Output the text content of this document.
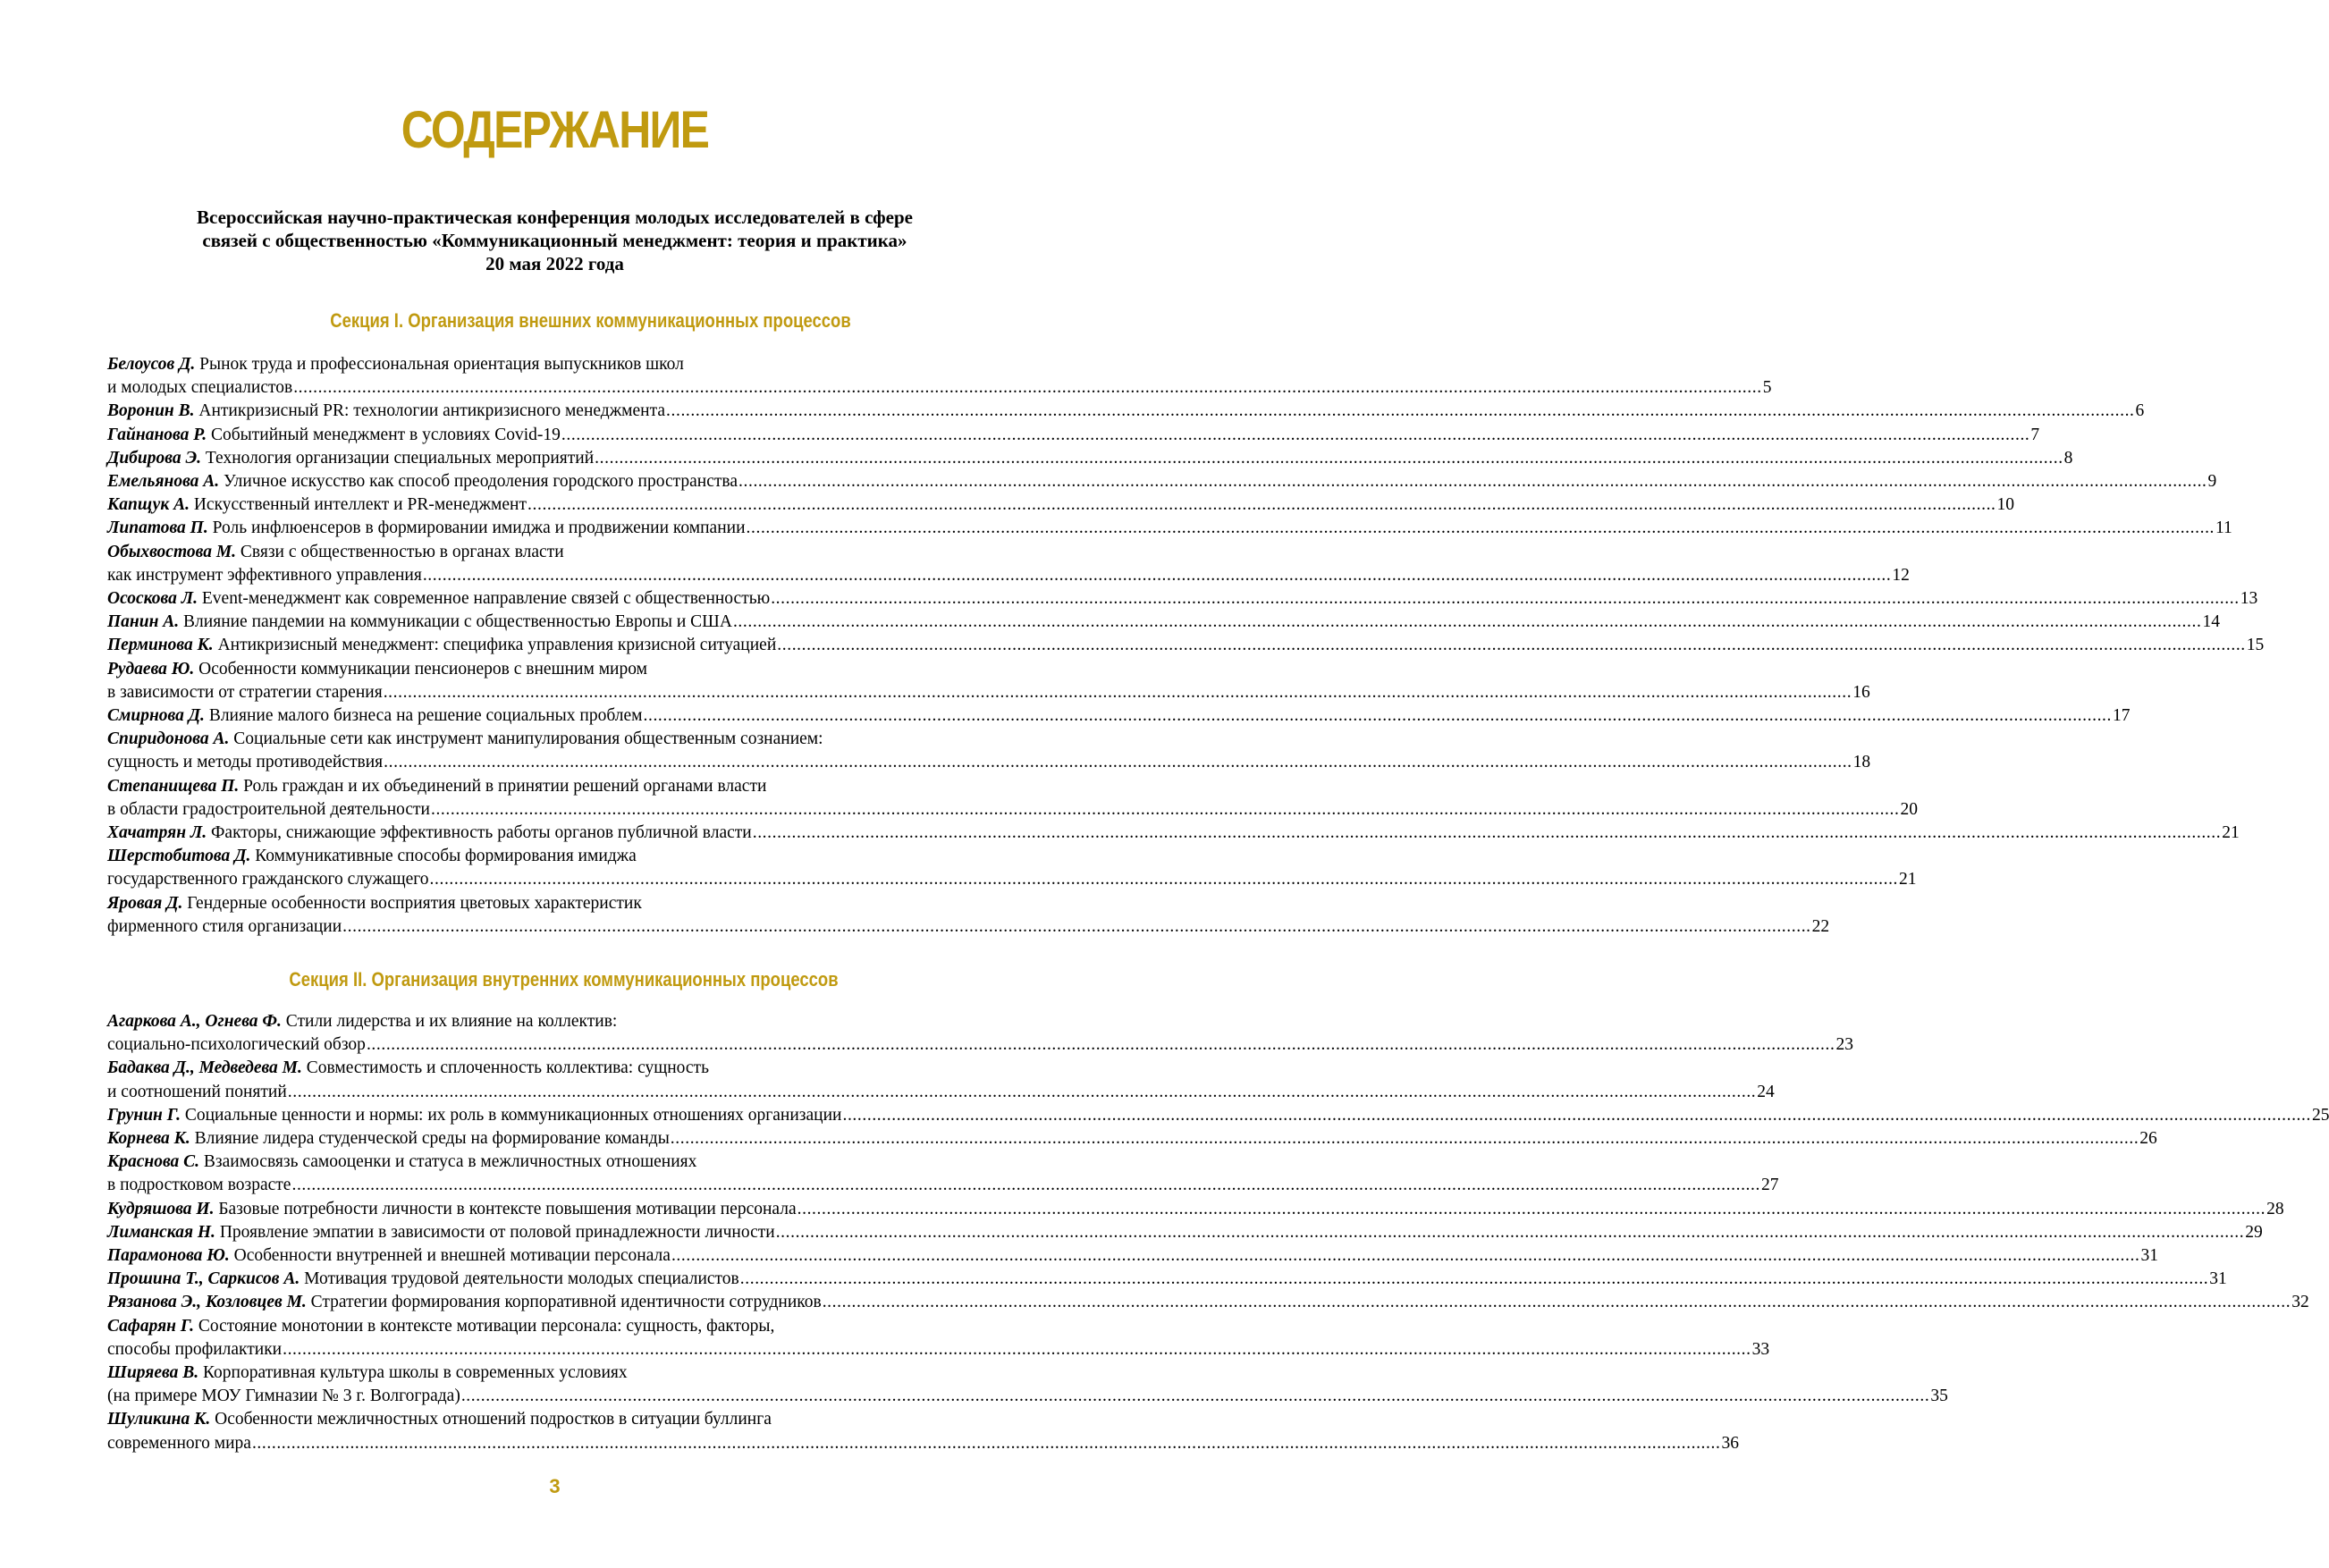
СОДЕРЖАНИЕ
Всероссийская научно-практическая конференция молодых исследователей в сфере
связей с общественностью «Коммуникационный менеджмент: теория и практика»
20 мая 2022 года
Секция I. Организация внешних коммуникационных процессов
Белоусов Д. Рынок труда и профессиональная ориентация выпускников школ
и молодых специалистов .....	5
Воронин В. Антикризисный PR: технологии антикризисного менеджмента .....	6
Гайнанова Р. Событийный менеджмент в условиях Covid-19 .....	7
Дибирова Э. Технология организации специальных мероприятий .....	8
Емельянова А. Уличное искусство как способ преодоления городского пространства .....	9
Капщук А. Искусственный интеллект и PR-менеджмент .....	10
Липатова П. Роль инфлюенсеров в формировании имиджа и продвижении компании .....	11
Обыхвостова М. Связи с общественностью в органах власти
как инструмент эффективного управления .....	12
Ососкова Л. Event-менеджмент как современное направление связей с общественностью .....	13
Панин А. Влияние пандемии на коммуникации с общественностью Европы и США .....	14
Перминова К. Антикризисный менеджмент: специфика управления кризисной ситуацией .....	15
Рудаева Ю. Особенности коммуникации пенсионеров с внешним миром
в зависимости от стратегии старения .....	16
Смирнова Д. Влияние малого бизнеса на решение социальных проблем .....	17
Спиридонова А. Социальные сети как инструмент манипулирования общественным сознанием:
сущность и методы противодействия .....	18
Степанищева П. Роль граждан и их объединений в принятии решений органами власти
в области градостроительной деятельности .....	20
Хачатрян Л. Факторы, снижающие эффективность работы органов публичной власти .....	21
Шерстобитова Д. Коммуникативные способы формирования имиджа
государственного гражданского служащего .....	21
Яровая Д. Гендерные особенности восприятия цветовых характеристик
фирменного стиля организации .....	22
Секция II. Организация внутренних коммуникационных процессов
Агаркова А., Огнева Ф. Стили лидерства и их влияние на коллектив:
социально-психологический обзор .....	23
Бадаква Д., Медведева М. Совместимость и сплоченность коллектива: сущность
и соотношений понятий .....	24
Грунин Г. Социальные ценности и нормы: их роль в коммуникационных отношениях организации .....	25
Корнева К. Влияние лидера студенческой среды на формирование команды .....	26
Краснова С. Взаимосвязь самооценки и статуса в межличностных отношениях
в подростковом возрасте .....	27
Кудряшова И. Базовые потребности личности в контексте повышения мотивации персонала .....	28
Лиманская Н. Проявление эмпатии в зависимости от половой принадлежности личности .....	29
Парамонова Ю. Особенности внутренней и внешней мотивации персонала .....	31
Прошина Т., Саркисов А. Мотивация трудовой деятельности молодых специалистов .....	31
Рязанова Э., Козловцев М. Стратегии формирования корпоративной идентичности сотрудников .....	32
Сафарян Г. Состояние монотонии в контексте мотивации персонала: сущность, факторы,
способы профилактики .....	33
Ширяева В. Корпоративная культура школы в современных условиях
(на примере МОУ Гимназии № 3 г. Волгограда) .....	35
Шуликина К. Особенности межличностных отношений подростков в ситуации буллинга
современного мира .....	36
3
